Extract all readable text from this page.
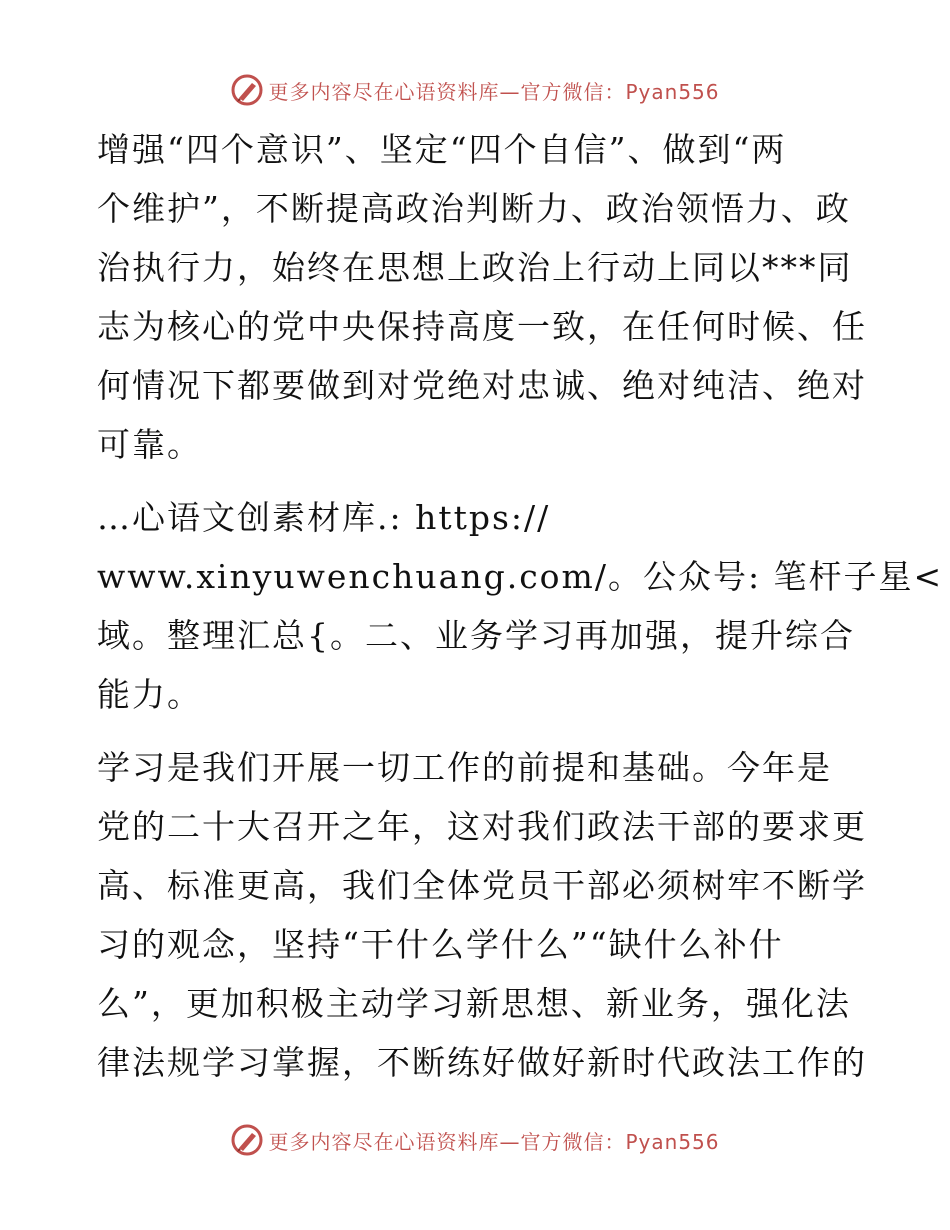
更多内容尽在心语资料库—官方微信：Pyan556
增强“四个意识”、坚定“四个自信”、做到“两
个维护”，不断提高政治判断力、政治领悟力、政
治执行力，始终在思想上政治上行动上同以***同
志为核心的党中央保持高度一致，在任何时候、任
何情况下都要做到对党绝对忠诚、绝对纯洁、绝对
可靠。
…心语文创素材库.: https://
www.xinyuwenchuang.com/。公众号: 笔杆子星<
域。整理汇总{。二、业务学习再加强，提升综合
能力。
学习是我们开展一切工作的前提和基础。今年是
党的二十大召开之年，这对我们政法干部的要求更
高、标准更高，我们全体党员干部必须树牢不断学
习的观念，坚持“干什么学什么”“缺什么补什
么”，更加积极主动学习新思想、新业务，强化法
律法规学习掌握，不断练好做好新时代政法工作的
更多内容尽在心语资料库—官方微信：Pyan556
